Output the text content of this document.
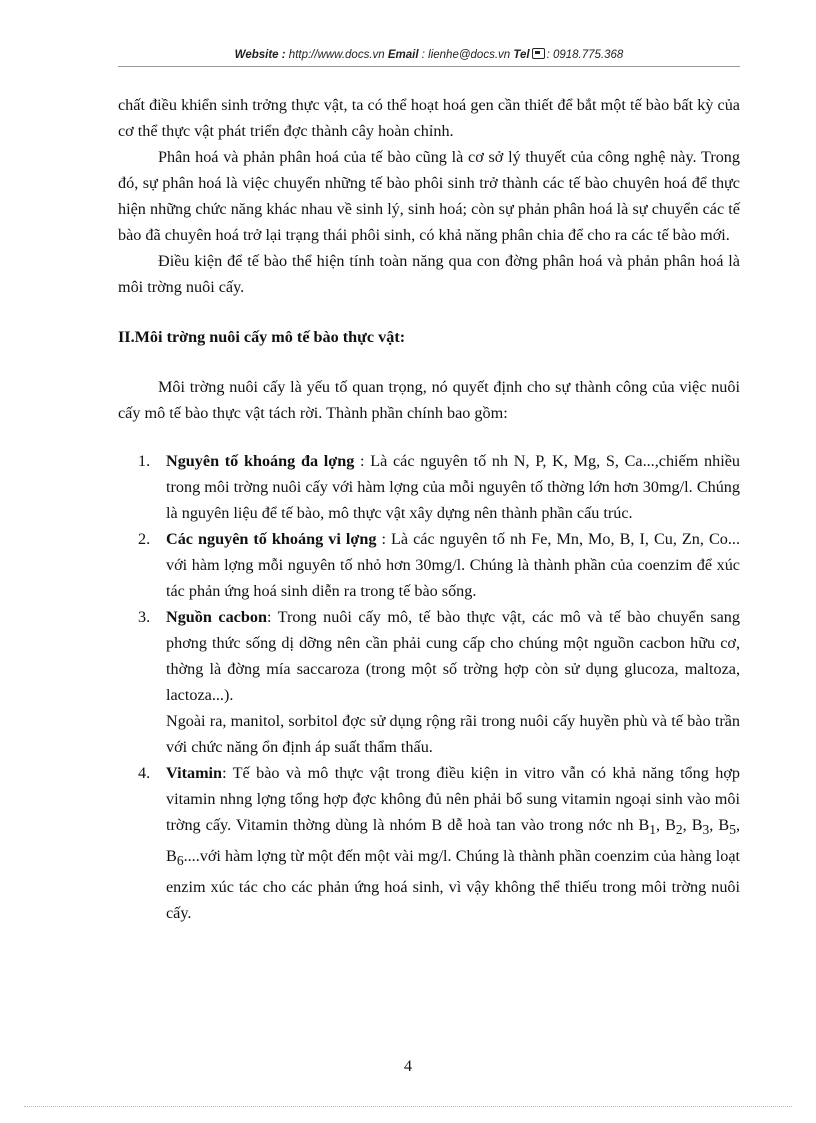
Website : http://www.docs.vn Email : lienhe@docs.vn Tel : 0918.775.368

chất điều khiển sinh trởng thực vật, ta có thể hoạt hoá gen cần thiết để bắt một tế bào bất kỳ của cơ thể thực vật phát triển đợc thành cây hoàn chỉnh.

Phân hoá và phản phân hoá của tế bào cũng là cơ sở lý thuyết của công nghệ này. Trong đó, sự phân hoá là việc chuyển những tế bào phôi sinh trở thành các tế bào chuyên hoá để thực hiện những chức năng khác nhau về sinh lý, sinh hoá; còn sự phản phân hoá là sự chuyển các tế bào đã chuyên hoá trở lại trạng thái phôi sinh, có khả năng phân chia để cho ra các tế bào mới.

Điều kiện để tế bào thể hiện tính toàn năng qua con đờng phân hoá và phản phân hoá là môi trờng nuôi cấy.

II.Môi trờng nuôi cấy mô tế bào thực vật:

Môi trờng nuôi cấy là yếu tố quan trọng, nó quyết định cho sự thành công của việc nuôi cấy mô tế bào thực vật tách rời. Thành phần chính bao gồm:

1. Nguyên tố khoáng đa lợng : Là các nguyên tố nh N, P, K, Mg, S, Ca...,chiếm nhiều trong môi trờng nuôi cấy với hàm lợng của mỗi nguyên tố thờng lớn hơn 30mg/l. Chúng là nguyên liệu để tế bào, mô thực vật xây dựng nên thành phần cấu trúc.
2. Các nguyên tố khoáng vi lợng : Là các nguyên tố nh Fe, Mn, Mo, B, I, Cu, Zn, Co... với hàm lợng mỗi nguyên tố nhỏ hơn 30mg/l. Chúng là thành phần của coenzim để xúc tác phản ứng hoá sinh diễn ra trong tế bào sống.
3. Nguồn cacbon: Trong nuôi cấy mô, tế bào thực vật, các mô và tế bào chuyển sang phơng thức sống dị dỡng nên cần phải cung cấp cho chúng một nguồn cacbon hữu cơ, thờng là đờng mía saccaroza (trong một số trờng hợp còn sử dụng glucoza, maltoza, lactoza...).
Ngoài ra, manitol, sorbitol đợc sử dụng rộng rãi trong nuôi cấy huyền phù và tế bào trần với chức năng ổn định áp suất thẩm thấu.
4. Vitamin: Tế bào và mô thực vật trong điều kiện in vitro vẫn có khả năng tổng hợp vitamin nhng lợng tổng hợp đợc không đủ nên phải bổ sung vitamin ngoại sinh vào môi trờng cấy. Vitamin thờng dùng là nhóm B dễ hoà tan vào trong nớc nh $B_1$, $B_2$, $B_3$, $B_5$, $B_6....với$ hàm lợng từ một đến một vài mg/l. Chúng là thành phần coenzim của hàng loạt enzim xúc tác cho các phản ứng hoá sinh, vì vậy không thể thiếu trong môi trờng nuôi cấy.
4
